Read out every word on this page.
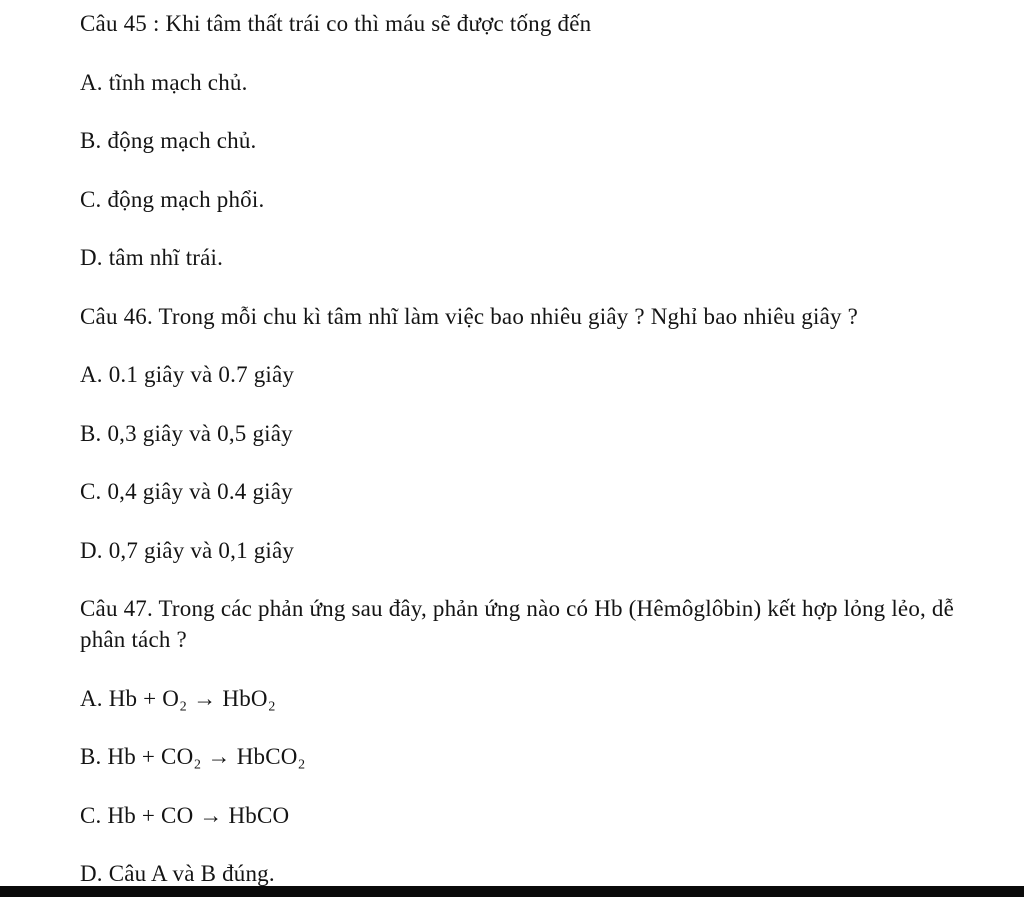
Câu 45 : Khi tâm thất trái co thì máu sẽ được tống đến

A. tĩnh mạch chủ.

B. động mạch chủ.

C. động mạch phổi.

D. tâm nhĩ trái.

Câu 46. Trong mỗi chu kì tâm nhĩ làm việc bao nhiêu giây ? Nghỉ bao nhiêu giây ?

A. 0.1 giây và 0.7 giây

B. 0,3 giây và 0,5 giây

C. 0,4 giây và 0.4 giây

D. 0,7 giây và 0,1 giây

Câu 47. Trong các phản ứng sau đây, phản ứng nào có Hb (Hêmôglôbin) kết hợp lỏng lẻo, dễ phân tách ?

A. Hb + O₂ → HbO₂

B. Hb + CO₂ → HbCO₂

C. Hb + CO → HbCO

D. Câu A và B đúng.
